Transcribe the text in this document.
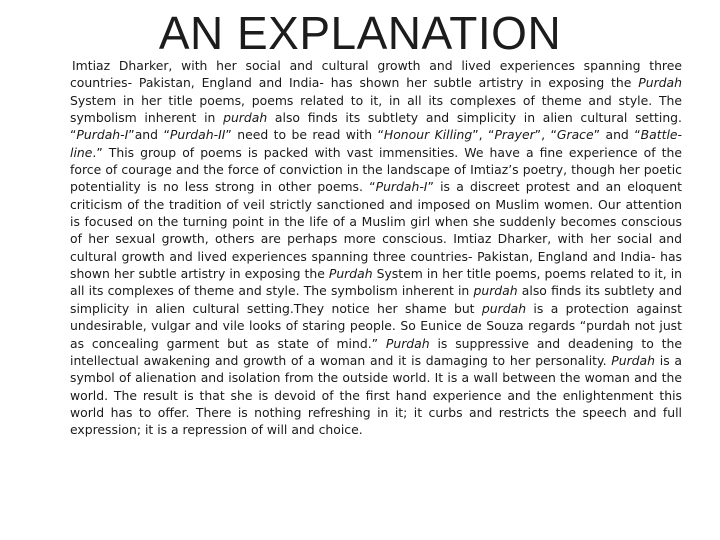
AN EXPLANATION

Imtiaz Dharker, with her social and cultural growth and lived experiences spanning three countries- Pakistan, England and India- has shown her subtle artistry in exposing the Purdah System in her title poems, poems related to it, in all its complexes of theme and style. The symbolism inherent in purdah also finds its subtlety and simplicity in alien cultural setting. “Purdah-I”and “Purdah-II” need to be read with “Honour Killing”, “Prayer”, “Grace” and “Battle-line.” This group of poems is packed with vast immensities. We have a fine experience of the force of courage and the force of conviction in the landscape of Imtiaz’s poetry, though her poetic potentiality is no less strong in other poems. “Purdah-I” is a discreet protest and an eloquent criticism of the tradition of veil strictly sanctioned and imposed on Muslim women. Our attention is focused on the turning point in the life of a Muslim girl when she suddenly becomes conscious of her sexual growth, others are perhaps more conscious. Imtiaz Dharker, with her social and cultural growth and lived experiences spanning three countries- Pakistan, England and India- has shown her subtle artistry in exposing the Purdah System in her title poems, poems related to it, in all its complexes of theme and style. The symbolism inherent in purdah also finds its subtlety and simplicity in alien cultural setting.They notice her shame but purdah is a protection against undesirable, vulgar and vile looks of staring people. So Eunice de Souza regards “purdah not just as concealing garment but as state of mind.” Purdah is suppressive and deadening to the intellectual awakening and growth of a woman and it is damaging to her personality. Purdah is a symbol of alienation and isolation from the outside world. It is a wall between the woman and the world. The result is that she is devoid of the first hand experience and the enlightenment this world has to offer. There is nothing refreshing in it; it curbs and restricts the speech and full expression; it is a repression of will and choice.
